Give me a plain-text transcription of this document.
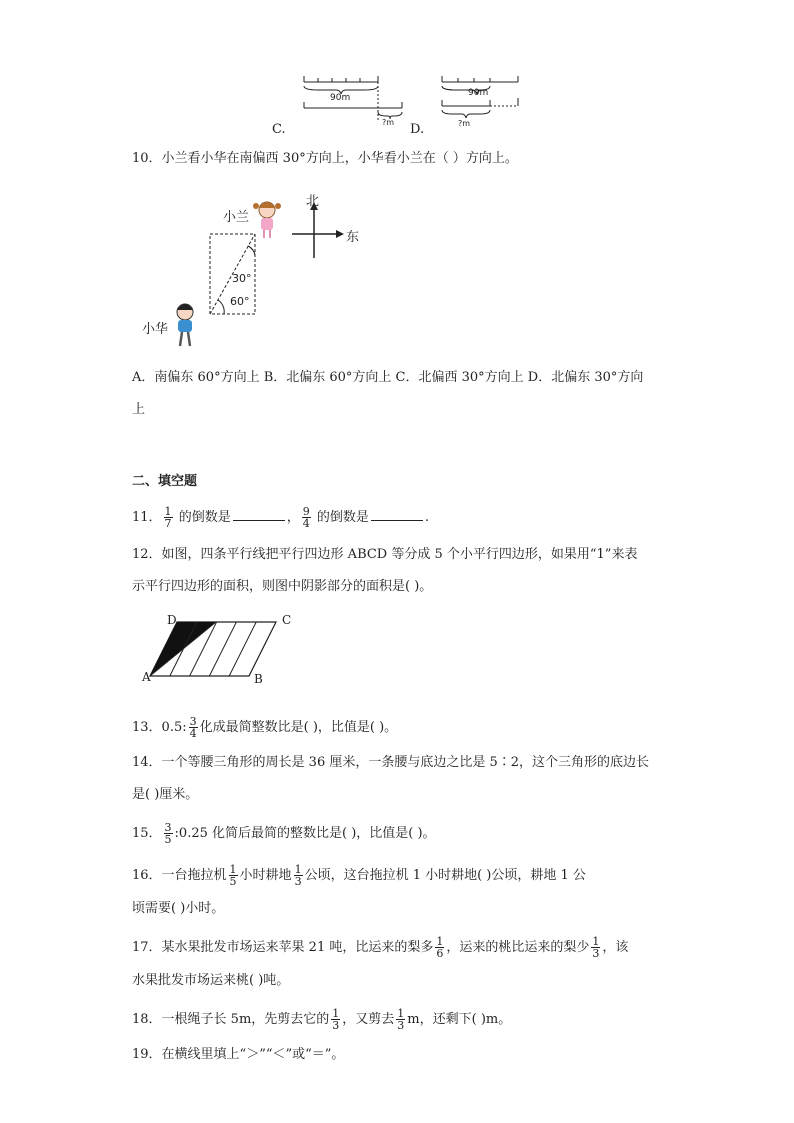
C.
90m
?m D.
90m
?m
10．小兰看小华在南偏西 30°方向上，小华看小兰在（ ）方向上。
小兰
小华
北
东
30°
60°
A．南偏东 60°方向上 B．北偏东 60°方向上 C．北偏西 30°方向上 D．北偏东 30°方向
上
二、填空题
11． $\frac{1}{7}$ 的倒数是	， $\frac{9}{4}$ 的倒数是	.
12．如图，四条平行线把平行四边形 ABCD 等分成 5 个小平行四边形，如果用“1”来表
示平行四边形的面积，则图中阴影部分的面积是( )。
D	C
A	B
13．0.5: $\frac{3}{4}$ 化成最简整数比是( )，比值是( )。
14．一个等腰三角形的周长是 36 厘米，一条腰与底边之比是 5∶2，这个三角形的底边长
是( )厘米。
15． $\frac{3}{5}$ :0.25 化简后最简的整数比是( )，比值是( )。
16．一台拖拉机 $\frac{1}{5}$ 小时耕地 $\frac{1}{3}$ 公顷，这台拖拉机 1 小时耕地( )公顷，耕地 1 公
顷需要( )小时。
17．某水果批发市场运来苹果 21 吨，比运来的梨多 $\frac{1}{6}$ ，运来的桃比运来的梨少 $\frac{1}{3}$ ，该
水果批发市场运来桃( )吨。
18．一根绳子长 5m，先剪去它的 $\frac{1}{3}$ ，又剪去 $\frac{1}{3}$ m，还剩下( )m。
19．在横线里填上“＞”“＜”或“＝”。
